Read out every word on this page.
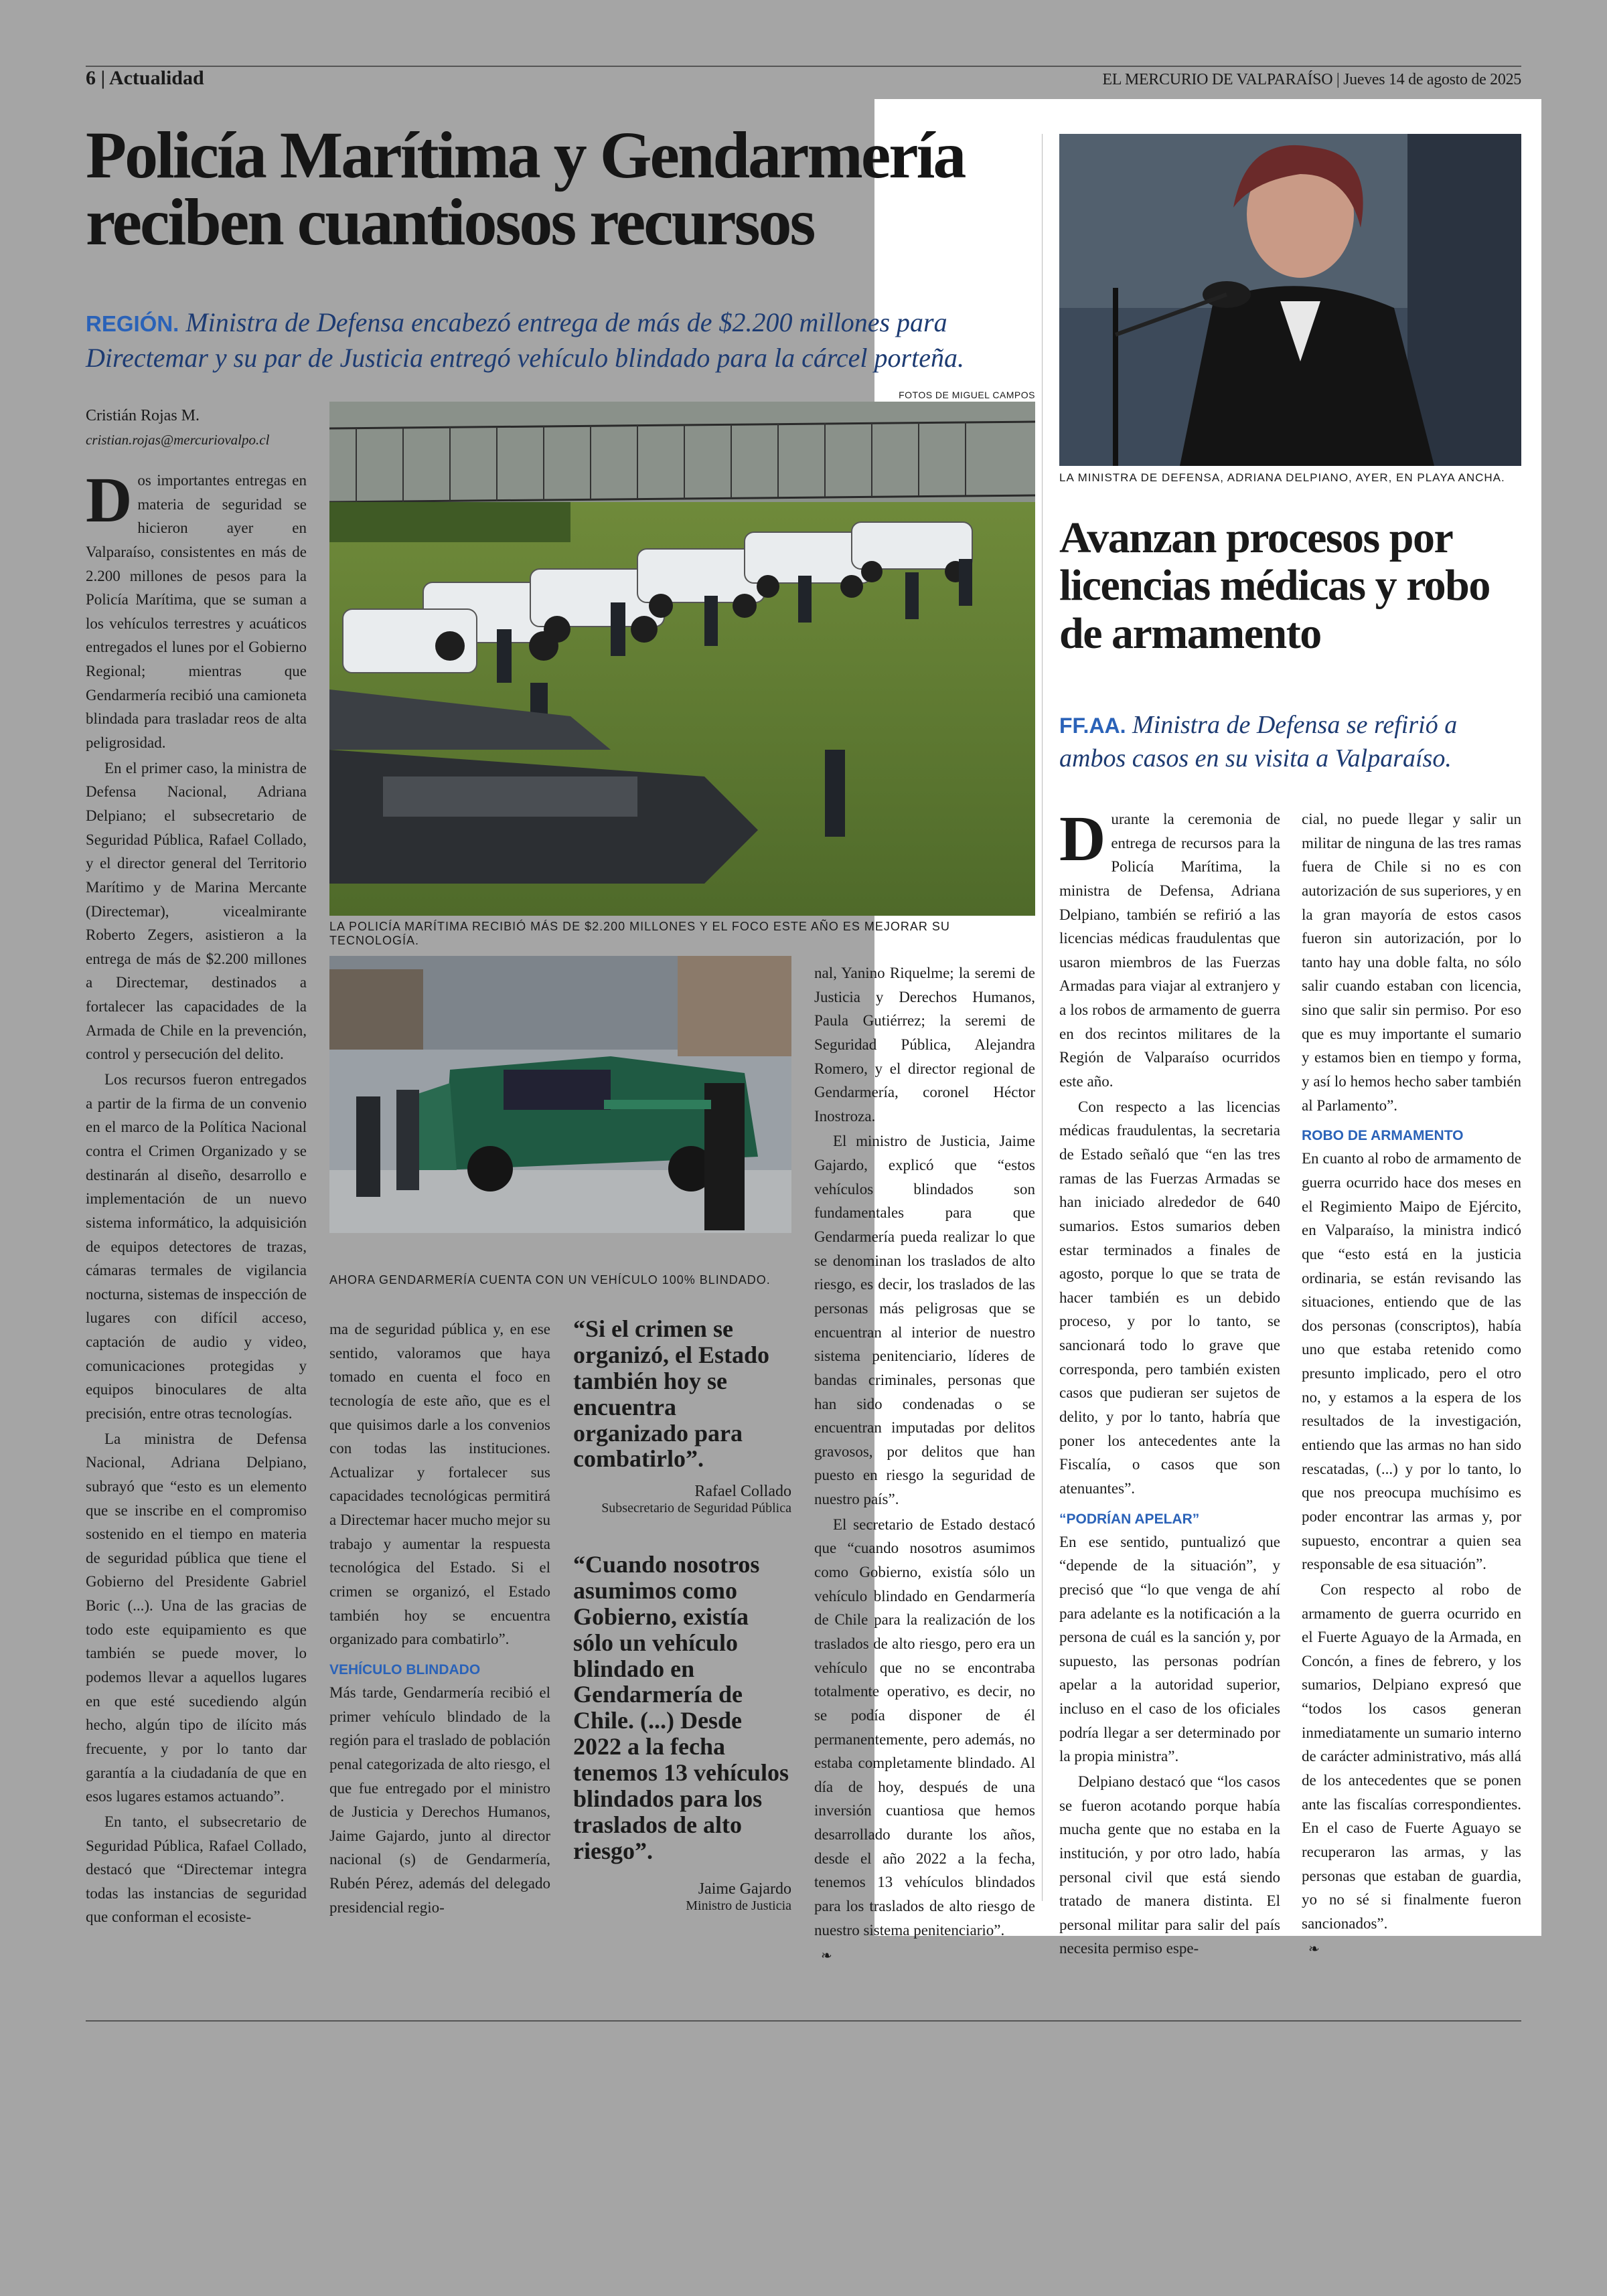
6 | Actualidad	EL MERCURIO DE VALPARAÍSO | Jueves 14 de agosto de 2025
Policía Marítima y Gendarmería reciben cuantiosos recursos
REGIÓN. Ministra de Defensa encabezó entrega de más de $2.200 millones para Directemar y su par de Justicia entregó vehículo blindado para la cárcel porteña.
Cristián Rojas M.
cristian.rojas@mercuriovalpo.cl

Dos importantes entregas en materia de seguridad se hicieron ayer en Valparaíso, consistentes en más de 2.200 millones de pesos para la Policía Marítima, que se suman a los vehículos terrestres y acuáticos entregados el lunes por el Gobierno Regional; mientras que Gendarmería recibió una camioneta blindada para trasladar reos de alta peligrosidad.

En el primer caso, la ministra de Defensa Nacional, Adriana Delpiano; el subsecretario de Seguridad Pública, Rafael Collado, y el director general del Territorio Marítimo y de Marina Mercante (Directemar), vicealmirante Roberto Zegers, asistieron a la entrega de más de $2.200 millones a Directemar, destinados a fortalecer las capacidades de la Armada de Chile en la prevención, control y persecución del delito.

Los recursos fueron entregados a partir de la firma de un convenio en el marco de la Política Nacional contra el Crimen Organizado y se destinarán al diseño, desarrollo e implementación de un nuevo sistema informático, la adquisición de equipos detectores de trazas, cámaras termales de vigilancia nocturna, sistemas de inspección de lugares con difícil acceso, captación de audio y video, comunicaciones protegidas y equipos binoculares de alta precisión, entre otras tecnologías.

La ministra de Defensa Nacional, Adriana Delpiano, subrayó que “esto es un elemento que se inscribe en el compromiso sostenido en el tiempo en materia de seguridad pública que tiene el Gobierno del Presidente Gabriel Boric (...). Una de las gracias de todo este equipamiento es que también se puede mover, lo podemos llevar a aquellos lugares en que esté sucediendo algún hecho, algún tipo de ilícito más frecuente, y por lo tanto dar garantía a la ciudadanía de que en esos lugares estamos actuando”.

En tanto, el subsecretario de Seguridad Pública, Rafael Collado, destacó que “Directemar integra todas las instancias de seguridad que conforman el ecosiste-

FOTOS DE MIGUEL CAMPOS
LA POLICÍA MARÍTIMA RECIBIÓ MÁS DE $2.200 MILLONES Y EL FOCO ESTE AÑO ES MEJORAR SU TECNOLOGÍA.
AHORA GENDARMERÍA CUENTA CON UN VEHÍCULO 100% BLINDADO.

ma de seguridad pública y, en ese sentido, valoramos que haya tomado en cuenta el foco en tecnología de este año, que es el que quisimos darle a los convenios con todas las instituciones. Actualizar y fortalecer sus capacidades tecnológicas permitirá a Directemar hacer mucho mejor su trabajo y aumentar la respuesta tecnológica del Estado. Si el crimen se organizó, el Estado también hoy se encuentra organizado para combatirlo”.

VEHÍCULO BLINDADO

Más tarde, Gendarmería recibió el primer vehículo blindado de la región para el traslado de población penal categorizada de alto riesgo, el que fue entregado por el ministro de Justicia y Derechos Humanos, Jaime Gajardo, junto al director nacional (s) de Gendarmería, Rubén Pérez, además del delegado presidencial regio-

“Si el crimen se organizó, el Estado también hoy se encuentra organizado para combatirlo”.
Rafael Collado
Subsecretario de Seguridad Pública
“Cuando nosotros asumimos como Gobierno, existía sólo un vehículo blindado en Gendarmería de Chile. (...) Desde 2022 a la fecha tenemos 13 vehículos blindados para los traslados de alto riesgo”.
Jaime Gajardo
Ministro de Justicia

nal, Yanino Riquelme; la seremi de Justicia y Derechos Humanos, Paula Gutiérrez; la seremi de Seguridad Pública, Alejandra Romero, y el director regional de Gendarmería, coronel Héctor Inostroza.

El ministro de Justicia, Jaime Gajardo, explicó que “estos vehículos blindados son fundamentales para que Gendarmería pueda realizar lo que se denominan los traslados de alto riesgo, es decir, los traslados de las personas más peligrosas que se encuentran al interior de nuestro sistema penitenciario, líderes de bandas criminales, personas que han sido condenadas o se encuentran imputadas por delitos gravosos, por delitos que han puesto en riesgo la seguridad de nuestro país”.

El secretario de Estado destacó que “cuando nosotros asumimos como Gobierno, existía sólo un vehículo blindado en Gendarmería de Chile para la realización de los traslados de alto riesgo, pero era un vehículo que no se encontraba totalmente operativo, es decir, no se podía disponer de él permanentemente, pero además, no estaba completamente blindado. Al día de hoy, después de una inversión cuantiosa que hemos desarrollado durante los años, desde el año 2022 a la fecha, tenemos 13 vehículos blindados para los traslados de alto riesgo de nuestro sistema penitenciario”.

❧
LA MINISTRA DE DEFENSA, ADRIANA DELPIANO, AYER, EN PLAYA ANCHA.
Avanzan procesos por licencias médicas y robo de armamento
FF.AA. Ministra de Defensa se refirió a ambos casos en su visita a Valparaíso.

Durante la ceremonia de entrega de recursos para la Policía Marítima, la ministra de Defensa, Adriana Delpiano, también se refirió a las licencias médicas fraudulentas que usaron miembros de las Fuerzas Armadas para viajar al extranjero y a los robos de armamento de guerra en dos recintos militares de la Región de Valparaíso ocurridos este año.

Con respecto a las licencias médicas fraudulentas, la secretaria de Estado señaló que “en las tres ramas de las Fuerzas Armadas se han iniciado alrededor de 640 sumarios. Estos sumarios deben estar terminados a finales de agosto, porque lo que se trata de hacer también es un debido proceso, y por lo tanto, se sancionará todo lo grave que corresponda, pero también existen casos que pudieran ser sujetos de delito, y por lo tanto, habría que poner los antecedentes ante la Fiscalía, o casos que son atenuantes”.

“PODRÍAN APELAR”

En ese sentido, puntualizó que “depende de la situación”, y precisó que “lo que venga de ahí para adelante es la notificación a la persona de cuál es la sanción y, por supuesto, las personas podrían apelar a la autoridad superior, incluso en el caso de los oficiales podría llegar a ser determinado por la propia ministra”.

Delpiano destacó que “los casos se fueron acotando porque había mucha gente que no estaba en la institución, y por otro lado, había personal civil que está siendo tratado de manera distinta. El personal militar para salir del país necesita permiso espe-

cial, no puede llegar y salir un militar de ninguna de las tres ramas fuera de Chile si no es con autorización de sus superiores, y en la gran mayoría de estos casos fueron sin autorización, por lo tanto hay una doble falta, no sólo salir cuando estaban con licencia, sino que salir sin permiso. Por eso que es muy importante el sumario y estamos bien en tiempo y forma, y así lo hemos hecho saber también al Parlamento”.

ROBO DE ARMAMENTO

En cuanto al robo de armamento de guerra ocurrido hace dos meses en el Regimiento Maipo de Ejército, en Valparaíso, la ministra indicó que “esto está en la justicia ordinaria, se están revisando las situaciones, entiendo que de las dos personas (conscriptos), había uno que estaba retenido como presunto implicado, pero el otro no, y estamos a la espera de los resultados de la investigación, entiendo que las armas no han sido rescatadas, (...) y por lo tanto, lo que nos preocupa muchísimo es poder encontrar las armas y, por supuesto, encontrar a quien sea responsable de esa situación”.

Con respecto al robo de armamento de guerra ocurrido en el Fuerte Aguayo de la Armada, en Concón, a fines de febrero, y los sumarios, Delpiano expresó que “todos los casos generan inmediatamente un sumario interno de carácter administrativo, más allá de los antecedentes que se ponen ante las fiscalías correspondientes. En el caso de Fuerte Aguayo se recuperaron las armas, y las personas que estaban de guardia, yo no sé si finalmente fueron sancionados”.

❧
